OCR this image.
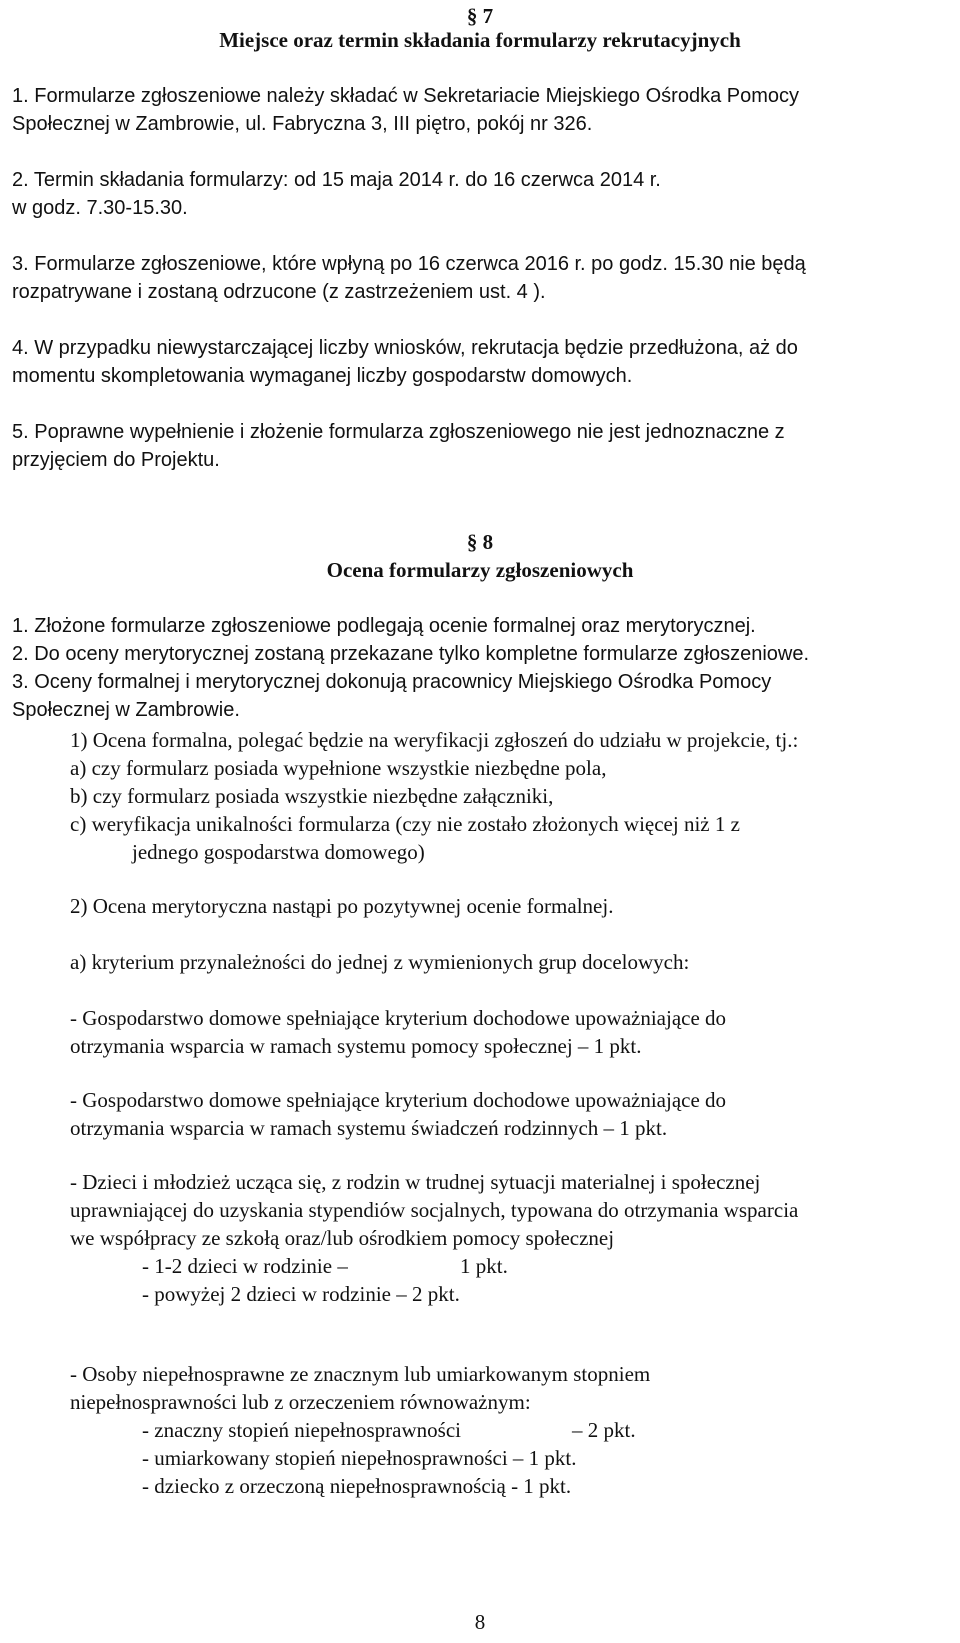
§ 7
Miejsce oraz termin składania formularzy rekrutacyjnych
1. Formularze zgłoszeniowe należy składać w Sekretariacie Miejskiego Ośrodka Pomocy
Społecznej w Zambrowie, ul. Fabryczna 3, III piętro, pokój nr 326.
2. Termin składania formularzy: od 15 maja 2014 r. do 16 czerwca 2014 r.
w godz. 7.30-15.30.
3. Formularze zgłoszeniowe, które wpłyną po 16 czerwca 2016 r. po godz. 15.30 nie będą
rozpatrywane i zostaną odrzucone (z zastrzeżeniem ust. 4 ).
4. W przypadku niewystarczającej liczby wniosków, rekrutacja będzie przedłużona, aż do
momentu skompletowania wymaganej liczby gospodarstw domowych.
5. Poprawne wypełnienie i złożenie formularza zgłoszeniowego nie jest jednoznaczne z
przyjęciem do Projektu.
§ 8
Ocena formularzy zgłoszeniowych
1. Złożone formularze zgłoszeniowe podlegają ocenie formalnej oraz merytorycznej.
2. Do oceny merytorycznej zostaną przekazane tylko kompletne formularze zgłoszeniowe.
3. Oceny formalnej i merytorycznej dokonują pracownicy Miejskiego Ośrodka Pomocy
Społecznej w Zambrowie.
1) Ocena formalna, polegać będzie na weryfikacji zgłoszeń do udziału w projekcie, tj.:
a) czy formularz posiada wypełnione wszystkie niezbędne pola,
b) czy formularz posiada wszystkie niezbędne załączniki,
c) weryfikacja unikalności formularza (czy nie zostało złożonych więcej niż 1 z
jednego gospodarstwa domowego)
2) Ocena merytoryczna nastąpi po pozytywnej ocenie formalnej.
a) kryterium przynależności do jednej z wymienionych grup docelowych:
- Gospodarstwo domowe spełniające kryterium dochodowe upoważniające do
otrzymania wsparcia w ramach systemu pomocy społecznej – 1 pkt.
- Gospodarstwo domowe spełniające kryterium dochodowe upoważniające do
otrzymania wsparcia w ramach systemu świadczeń rodzinnych – 1 pkt.
- Dzieci i młodzież ucząca się, z rodzin w trudnej sytuacji materialnej i społecznej
uprawniającej do uzyskania stypendiów socjalnych, typowana do otrzymania wsparcia
we współpracy ze szkołą oraz/lub ośrodkiem pomocy społecznej
- 1-2 dzieci w rodzinie –	1 pkt.
- powyżej 2 dzieci w rodzinie – 2 pkt.
- Osoby niepełnosprawne ze znacznym lub umiarkowanym stopniem
niepełnosprawności lub z orzeczeniem równoważnym:
- znaczny stopień niepełnosprawności	– 2 pkt.
- umiarkowany stopień niepełnosprawności – 1 pkt.
- dziecko z orzeczoną niepełnosprawnością - 1 pkt.
8
